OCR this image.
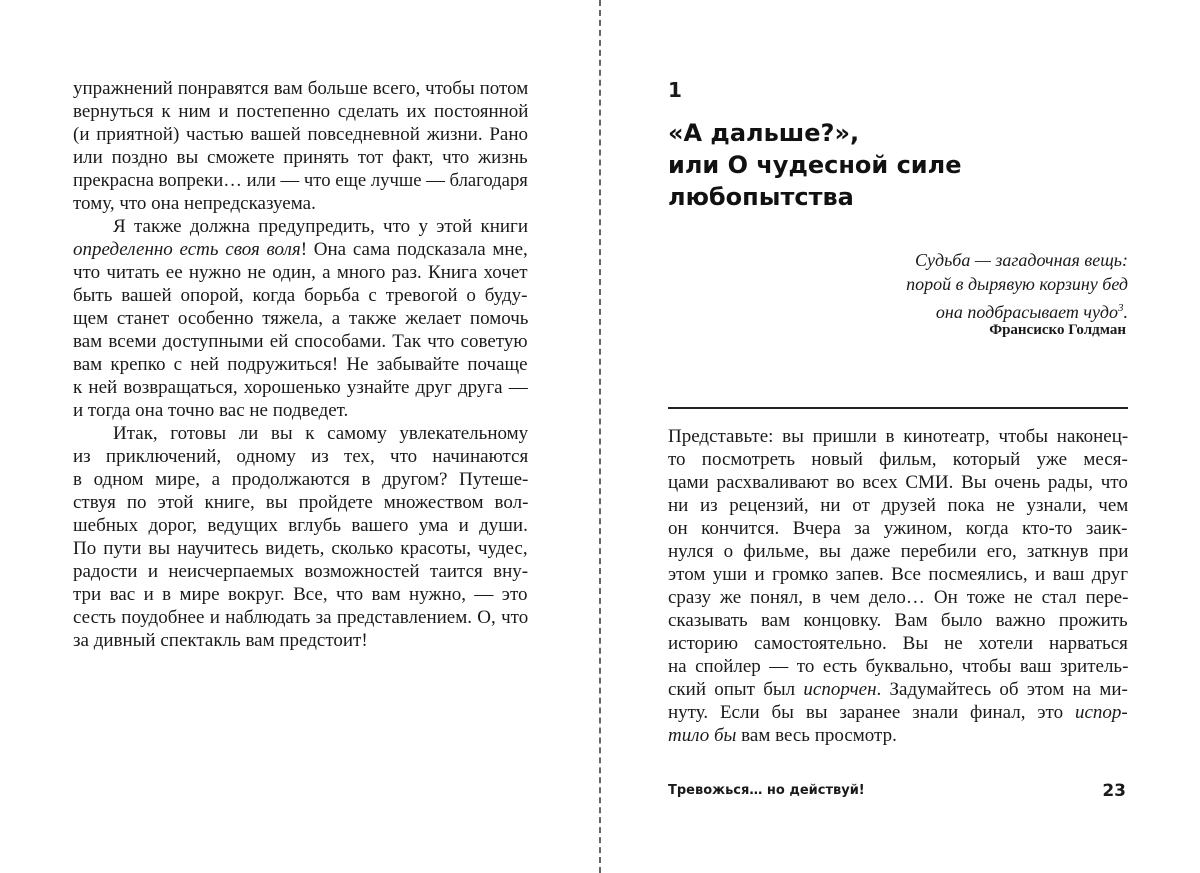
упражнений понравятся вам больше всего, чтобы потом
вернуться к ним и постепенно сделать их постоянной
(и приятной) частью вашей повседневной жизни. Рано
или поздно вы сможете принять тот факт, что жизнь
прекрасна вопреки… или — что еще лучше — благодаря
тому, что она непредсказуема.
Я также должна предупредить, что у этой книги
определенно есть своя воля! Она сама подсказала мне,
что читать ее нужно не один, а много раз. Книга хочет
быть вашей опорой, когда борьба с тревогой о буду-
щем станет особенно тяжела, а также желает помочь
вам всеми доступными ей способами. Так что советую
вам крепко с ней подружиться! Не забывайте почаще
к ней возвращаться, хорошенько узнайте друг друга —
и тогда она точно вас не подведет.
Итак, готовы ли вы к самому увлекательному
из приключений, одному из тех, что начинаются
в одном мире, а продолжаются в другом? Путеше-
ствуя по этой книге, вы пройдете множеством вол-
шебных дорог, ведущих вглубь вашего ума и души.
По пути вы научитесь видеть, сколько красоты, чудес,
радости и неисчерпаемых возможностей таится вну-
три вас и в мире вокруг. Все, что вам нужно, — это
сесть поудобнее и наблюдать за представлением. О, что
за дивный спектакль вам предстоит!
1
«А дальше?»,
или О чудесной силе
любопытства
Судьба — загадочная вещь:
порой в дырявую корзину бед
она подбрасывает чудо$^3$.
Франсиско Голдман
Представьте: вы пришли в кинотеатр, чтобы наконец-
то посмотреть новый фильм, который уже меся-
цами расхваливают во всех СМИ. Вы очень рады, что
ни из рецензий, ни от друзей пока не узнали, чем
он кончится. Вчера за ужином, когда кто-то заик-
нулся о фильме, вы даже перебили его, заткнув при
этом уши и громко запев. Все посмеялись, и ваш друг
сразу же понял, в чем дело… Он тоже не стал пере-
сказывать вам концовку. Вам было важно прожить
историю самостоятельно. Вы не хотели нарваться
на спойлер — то есть буквально, чтобы ваш зритель-
ский опыт был испорчен. Задумайтесь об этом на ми-
нуту. Если бы вы заранее знали финал, это испор-
тило бы вам весь просмотр.
Тревожься… но действуй!	23
